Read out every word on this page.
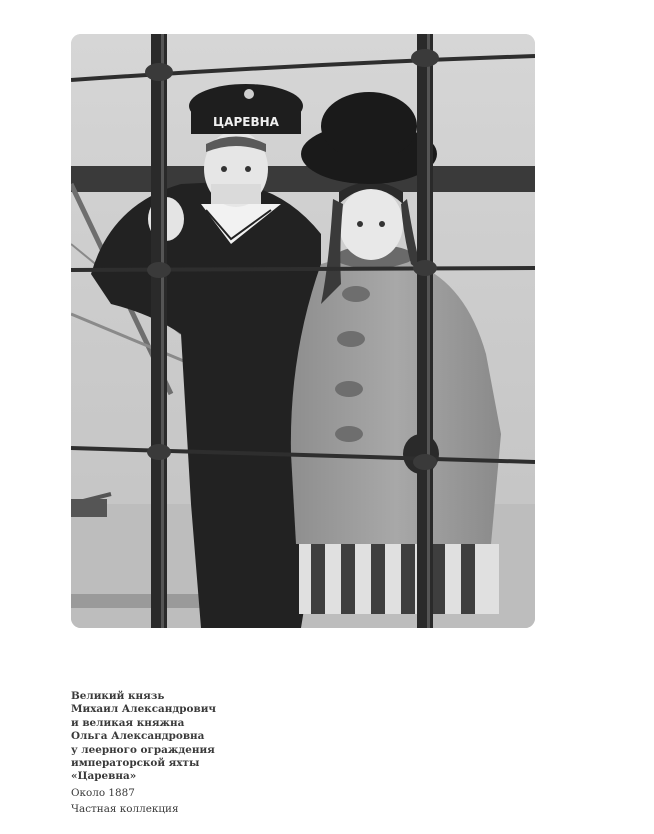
ЦАРЕВНА
Великий князь
Михаил Александрович
и великая княжна
Ольга Александровна
у леерного ограждения
императорской яхты
«Царевна»
Около 1887
Частная коллекция
